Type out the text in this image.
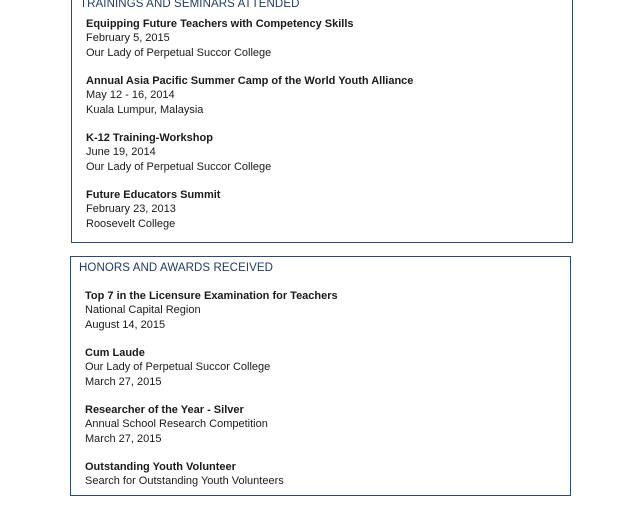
TRAININGS AND SEMINARS ATTENDED
Equipping Future Teachers with Competency Skills
February 5, 2015
Our Lady of Perpetual Succor College
Annual Asia Pacific Summer Camp of the World Youth Alliance
May 12 - 16, 2014
Kuala Lumpur, Malaysia
K-12 Training-Workshop
June 19, 2014
Our Lady of Perpetual Succor College
Future Educators Summit
February 23, 2013
Roosevelt College
HONORS AND AWARDS RECEIVED
Top 7 in the Licensure Examination for Teachers
National Capital Region
August 14, 2015
Cum Laude
Our Lady of Perpetual Succor College
March 27, 2015
Researcher of the Year - Silver
Annual School Research Competition
March 27, 2015
Outstanding Youth Volunteer
Search for Outstanding Youth Volunteers
